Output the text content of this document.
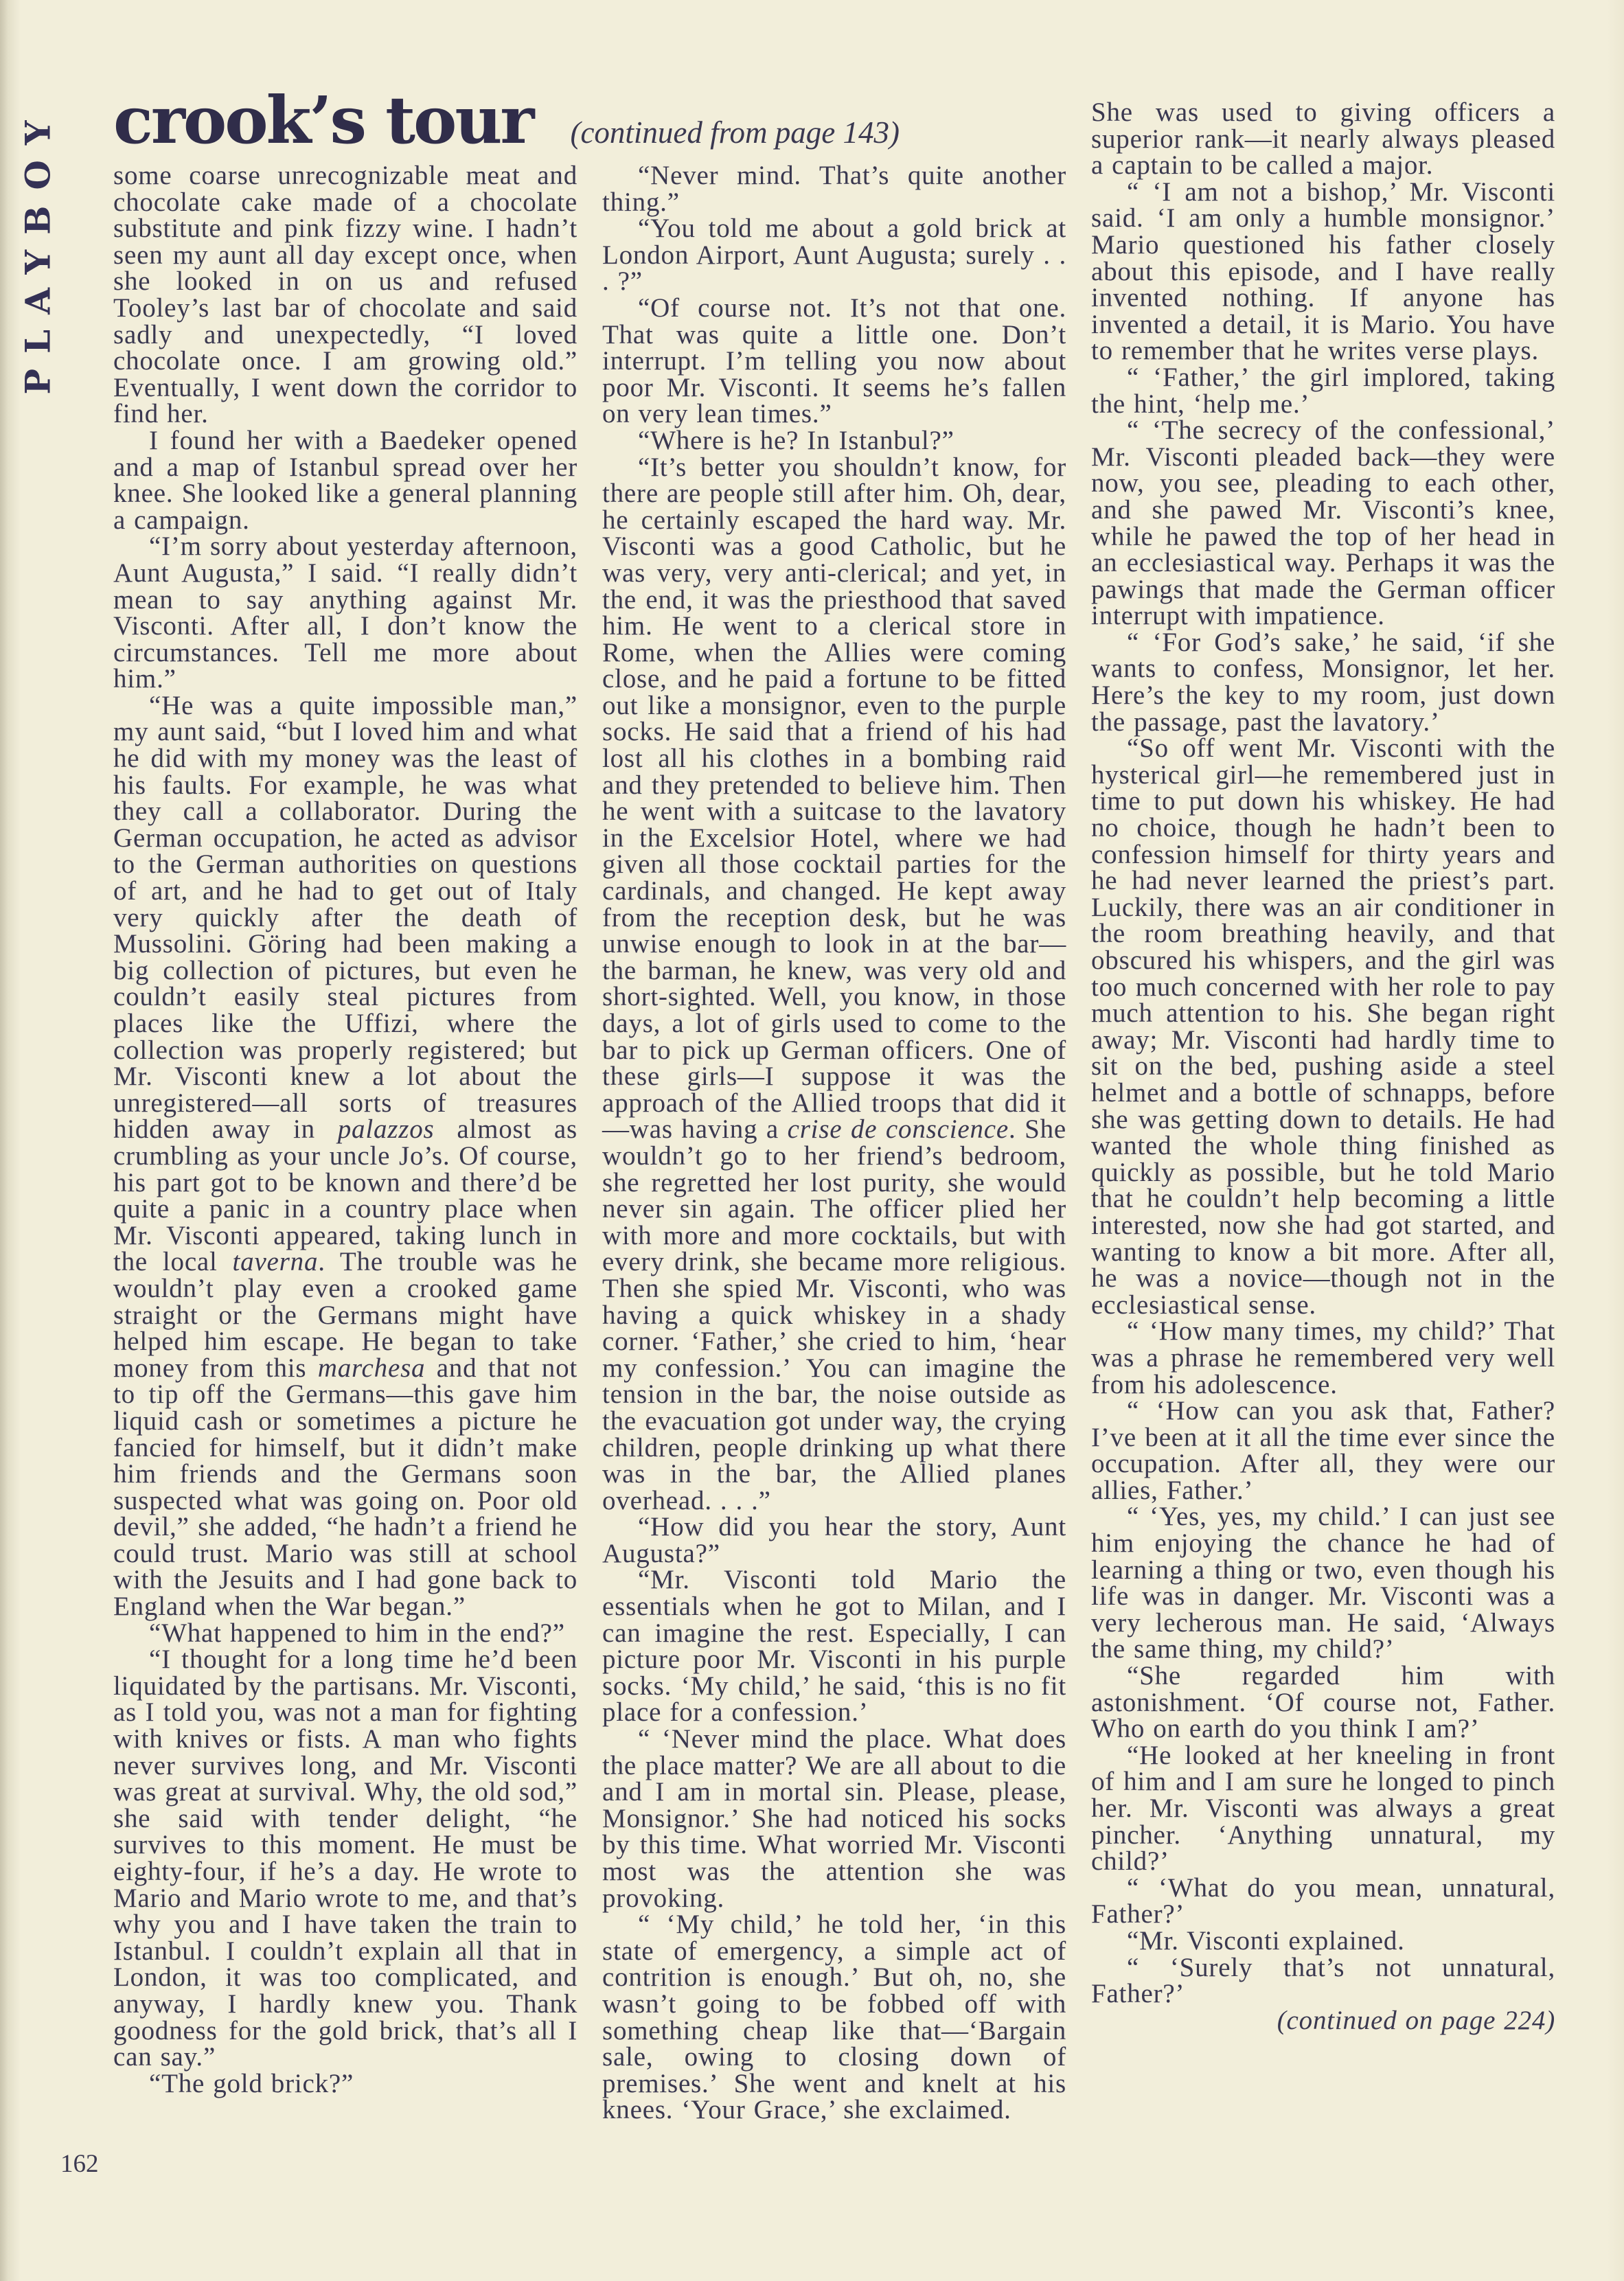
PLAYBOY crook’s tour (continued from page 143)

some coarse unrecognizable meat and chocolate cake made of a chocolate substitute and pink fizzy wine. I hadn’t seen my aunt all day except once, when she looked in on us and refused Tooley’s last bar of chocolate and said sadly and unexpectedly, “I loved chocolate once. I am growing old.” Eventually, I went down the corridor to find her.

I found her with a Baedeker opened and a map of Istanbul spread over her knee. She looked like a general planning a campaign.

“I’m sorry about yesterday afternoon, Aunt Augusta,” I said. “I really didn’t mean to say anything against Mr. Visconti. After all, I don’t know the circumstances. Tell me more about him.”

“He was a quite impossible man,” my aunt said, “but I loved him and what he did with my money was the least of his faults. For example, he was what they call a collaborator. During the German occupation, he acted as advisor to the German authorities on questions of art, and he had to get out of Italy very quickly after the death of Mussolini. Göring had been making a big collection of pictures, but even he couldn’t easily steal pictures from places like the Uffizi, where the collection was properly registered; but Mr. Visconti knew a lot about the unregistered—all sorts of treasures hidden away in palazzos almost as crumbling as your uncle Jo’s. Of course, his part got to be known and there’d be quite a panic in a country place when Mr. Visconti appeared, taking lunch in the local taverna. The trouble was he wouldn’t play even a crooked game straight or the Germans might have helped him escape. He began to take money from this marchesa and that not to tip off the Germans—this gave him liquid cash or sometimes a picture he fancied for himself, but it didn’t make him friends and the Germans soon suspected what was going on. Poor old devil,” she added, “he hadn’t a friend he could trust. Mario was still at school with the Jesuits and I had gone back to England when the War began.”

“What happened to him in the end?”

“I thought for a long time he’d been liquidated by the partisans. Mr. Visconti, as I told you, was not a man for fighting with knives or fists. A man who fights never survives long, and Mr. Visconti was great at survival. Why, the old sod,” she said with tender delight, “he survives to this moment. He must be eighty-four, if he’s a day. He wrote to Mario and Mario wrote to me, and that’s why you and I have taken the train to Istanbul. I couldn’t explain all that in London, it was too complicated, and anyway, I hardly knew you. Thank goodness for the gold brick, that’s all I can say.”

“The gold brick?”

“Never mind. That’s quite another thing.”

“You told me about a gold brick at London Airport, Aunt Augusta; surely . . . ?”

“Of course not. It’s not that one. That was quite a little one. Don’t interrupt. I’m telling you now about poor Mr. Visconti. It seems he’s fallen on very lean times.”

“Where is he? In Istanbul?”

“It’s better you shouldn’t know, for there are people still after him. Oh, dear, he certainly escaped the hard way. Mr. Visconti was a good Catholic, but he was very, very anti-clerical; and yet, in the end, it was the priesthood that saved him. He went to a clerical store in Rome, when the Allies were coming close, and he paid a fortune to be fitted out like a monsignor, even to the purple socks. He said that a friend of his had lost all his clothes in a bombing raid and they pretended to believe him. Then he went with a suitcase to the lavatory in the Excelsior Hotel, where we had given all those cocktail parties for the cardinals, and changed. He kept away from the reception desk, but he was unwise enough to look in at the bar—the barman, he knew, was very old and short-sighted. Well, you know, in those days, a lot of girls used to come to the bar to pick up German officers. One of these girls—I suppose it was the approach of the Allied troops that did it—was having a crise de conscience. She wouldn’t go to her friend’s bedroom, she regretted her lost purity, she would never sin again. The officer plied her with more and more cocktails, but with every drink, she became more religious. Then she spied Mr. Visconti, who was having a quick whiskey in a shady corner. ‘Father,’ she cried to him, ‘hear my confession.’ You can imagine the tension in the bar, the noise outside as the evacuation got under way, the crying children, people drinking up what there was in the bar, the Allied planes overhead. . . .”

“How did you hear the story, Aunt Augusta?”

“Mr. Visconti told Mario the essentials when he got to Milan, and I can imagine the rest. Especially, I can picture poor Mr. Visconti in his purple socks. ‘My child,’ he said, ‘this is no fit place for a confession.’

“ ‘Never mind the place. What does the place matter? We are all about to die and I am in mortal sin. Please, please, Monsignor.’ She had noticed his socks by this time. What worried Mr. Visconti most was the attention she was provoking.

“ ‘My child,’ he told her, ‘in this state of emergency, a simple act of contrition is enough.’ But oh, no, she wasn’t going to be fobbed off with something cheap like that—‘Bargain sale, owing to closing down of premises.’ She went and knelt at his knees. ‘Your Grace,’ she exclaimed.

She was used to giving officers a superior rank—it nearly always pleased a captain to be called a major.

“ ‘I am not a bishop,’ Mr. Visconti said. ‘I am only a humble monsignor.’ Mario questioned his father closely about this episode, and I have really invented nothing. If anyone has invented a detail, it is Mario. You have to remember that he writes verse plays.

“ ‘Father,’ the girl implored, taking the hint, ‘help me.’

“ ‘The secrecy of the confessional,’ Mr. Visconti pleaded back—they were now, you see, pleading to each other, and she pawed Mr. Visconti’s knee, while he pawed the top of her head in an ecclesiastical way. Perhaps it was the pawings that made the German officer interrupt with impatience.

“ ‘For God’s sake,’ he said, ‘if she wants to confess, Monsignor, let her. Here’s the key to my room, just down the passage, past the lavatory.’

“So off went Mr. Visconti with the hysterical girl—he remembered just in time to put down his whiskey. He had no choice, though he hadn’t been to confession himself for thirty years and he had never learned the priest’s part. Luckily, there was an air conditioner in the room breathing heavily, and that obscured his whispers, and the girl was too much concerned with her role to pay much attention to his. She began right away; Mr. Visconti had hardly time to sit on the bed, pushing aside a steel helmet and a bottle of schnapps, before she was getting down to details. He had wanted the whole thing finished as quickly as possible, but he told Mario that he couldn’t help becoming a little interested, now she had got started, and wanting to know a bit more. After all, he was a novice—though not in the ecclesiastical sense.

“ ‘How many times, my child?’ That was a phrase he remembered very well from his adolescence.

“ ‘How can you ask that, Father? I’ve been at it all the time ever since the occupation. After all, they were our allies, Father.’

“ ‘Yes, yes, my child.’ I can just see him enjoying the chance he had of learning a thing or two, even though his life was in danger. Mr. Visconti was a very lecherous man. He said, ‘Always the same thing, my child?’

“She regarded him with astonishment. ‘Of course not, Father. Who on earth do you think I am?’

“He looked at her kneeling in front of him and I am sure he longed to pinch her. Mr. Visconti was always a great pincher. ‘Anything unnatural, my child?’

“ ‘What do you mean, unnatural, Father?’

“Mr. Visconti explained.

“ ‘Surely that’s not unnatural, Father?’

(continued on page 224)

162
